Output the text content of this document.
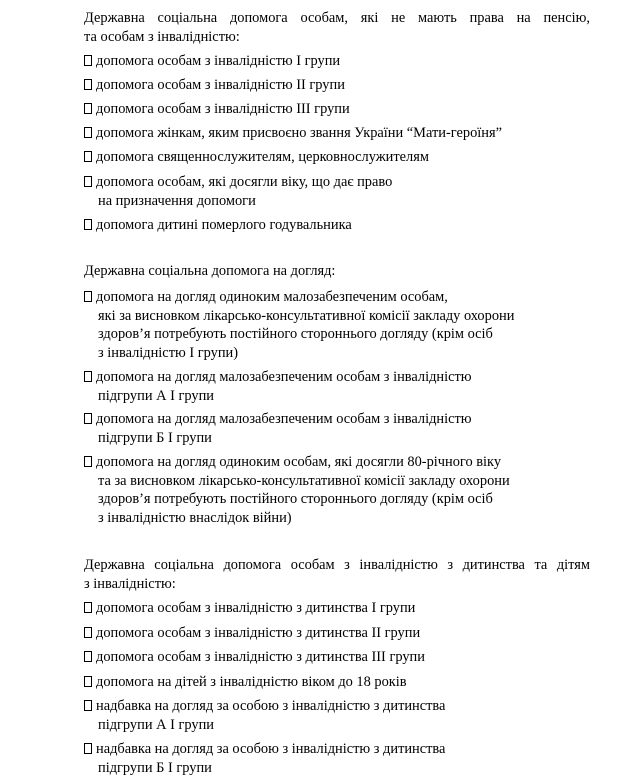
Державна соціальна допомога особам, які не мають права на пенсію,
та особам з інвалідністю:
допомога особам з інвалідністю I групи
допомога особам з інвалідністю II групи
допомога особам з інвалідністю III групи
допомога жінкам, яким присвоєно звання України “Мати-героїня”
допомога священнослужителям, церковнослужителям
допомога особам, які досягли віку, що дає право
на призначення допомоги
допомога дитині померлого годувальника
Державна соціальна допомога на догляд:
допомога на догляд одиноким малозабезпеченим особам,
які за висновком лікарсько-консультативної комісії закладу охорони
здоров’я потребують постійного стороннього догляду (крім осіб
з інвалідністю I групи)
допомога на догляд малозабезпеченим особам з інвалідністю
підгрупи А I групи
допомога на догляд малозабезпеченим особам з інвалідністю
підгрупи Б I групи
допомога на догляд одиноким особам, які досягли 80-річного віку
та за висновком лікарсько-консультативної комісії закладу охорони
здоров’я потребують постійного стороннього догляду (крім осіб
з інвалідністю внаслідок війни)
Державна соціальна допомога особам з інвалідністю з дитинства та дітям
з інвалідністю:
допомога особам з інвалідністю з дитинства I групи
допомога особам з інвалідністю з дитинства II групи
допомога особам з інвалідністю з дитинства III групи
допомога на дітей з інвалідністю віком до 18 років
надбавка на догляд за особою з інвалідністю з дитинства
підгрупи А I групи
надбавка на догляд за особою з інвалідністю з дитинства
підгрупи Б I групи
